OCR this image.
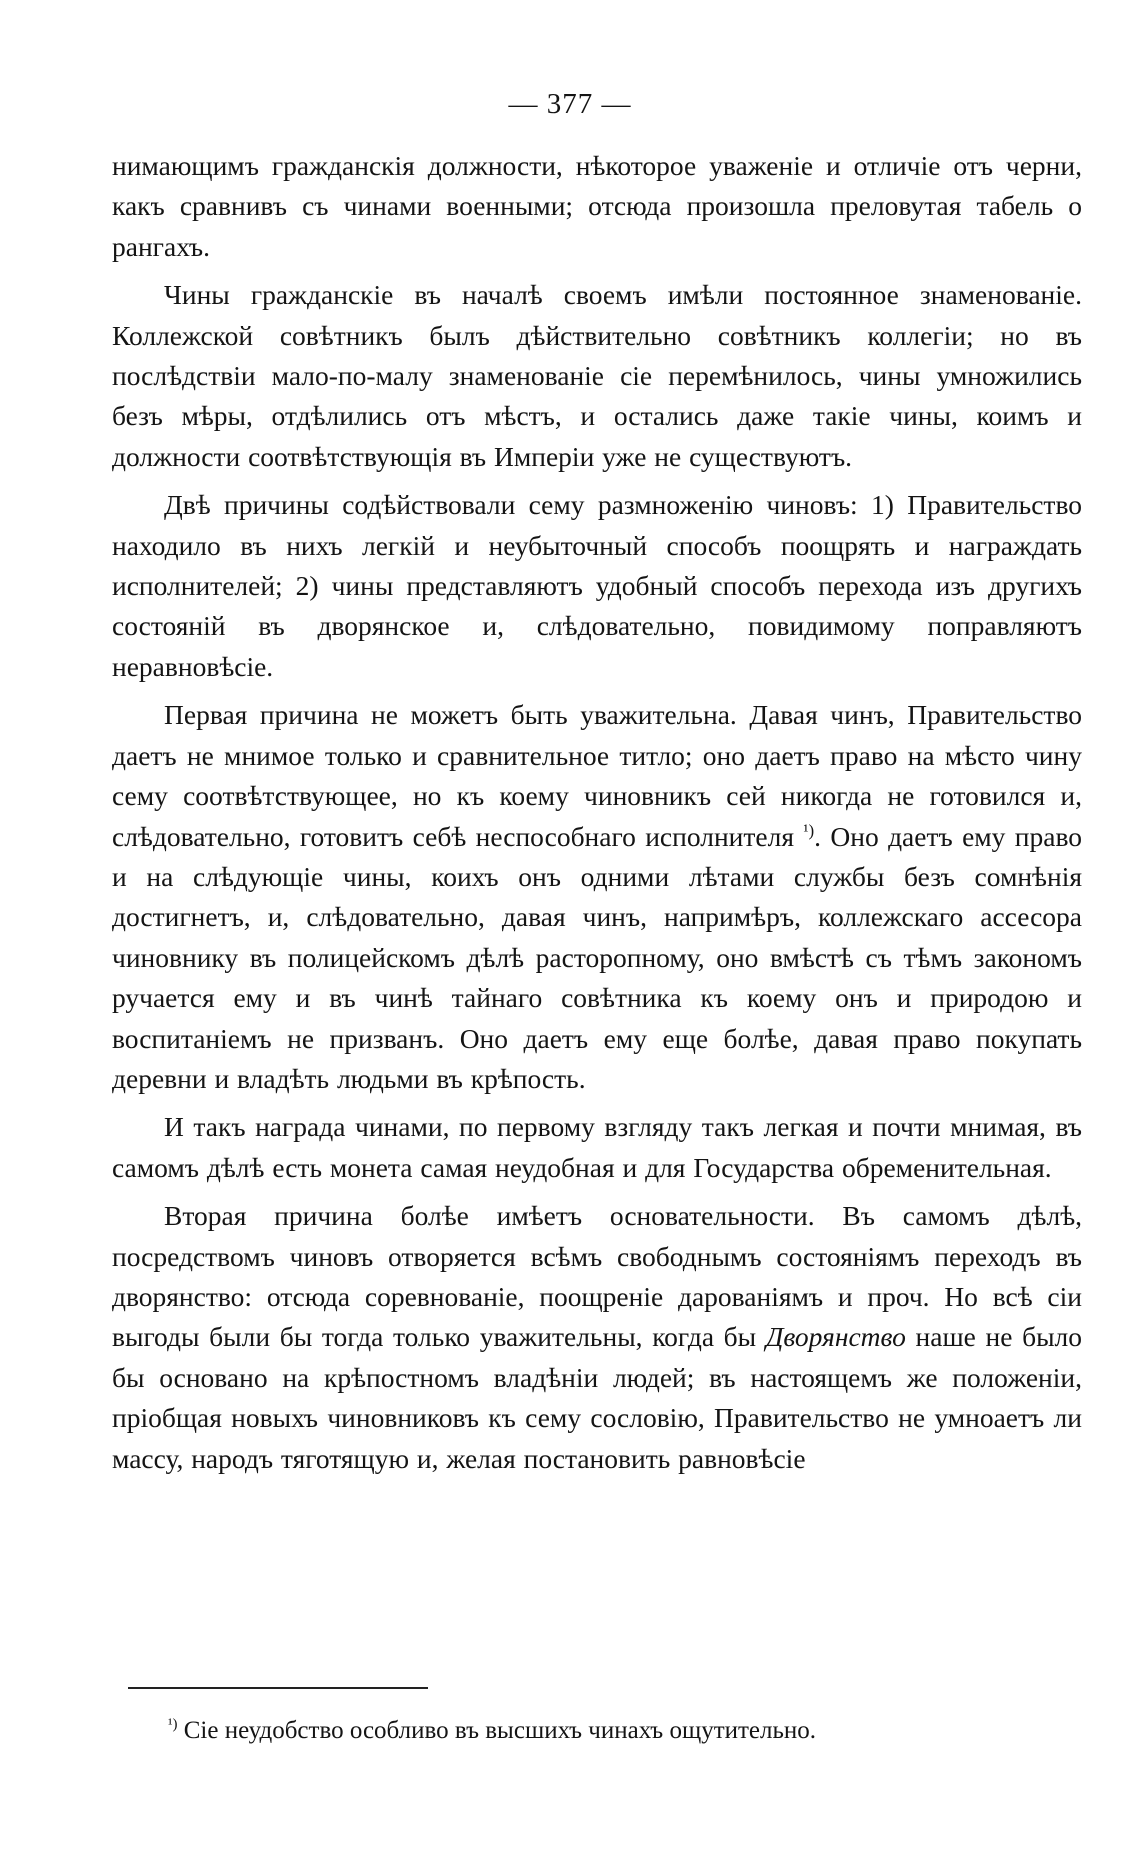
— 377 —

нимающимъ гражданскія должности, нѣкоторое уваженіе и отличіе отъ черни, какъ сравнивъ съ чинами военными; отсюда произошла преловутая табель о рангахъ.

Чины гражданскіе въ началѣ своемъ имѣли постоянное знаменованіе. Коллежской совѣтникъ былъ дѣйствительно совѣтникъ коллегіи; но въ послѣдствіи мало-по-малу знаменованіе сіе перемѣнилось, чины умножились безъ мѣры, отдѣлились отъ мѣстъ, и остались даже такіе чины, коимъ и должности соотвѣтствующія въ Имперіи уже не существуютъ.

Двѣ причины содѣйствовали сему размноженію чиновъ: 1) Правительство находило въ нихъ легкій и неубыточный способъ поощрять и награждать исполнителей; 2) чины представляютъ удобный способъ перехода изъ другихъ состояній въ дворянское и, слѣдовательно, повидимому поправляютъ неравновѣсіе.

Первая причина не можетъ быть уважительна. Давая чинъ, Правительство даетъ не мнимое только и сравнительное титло; оно даетъ право на мѣсто чину сему соотвѣтствующее, но къ коему чиновникъ сей никогда не готовился и, слѣдовательно, готовитъ себѣ неспособнаго исполнителя $^{^1)}$. Оно даетъ ему право и на слѣдующіе чины, коихъ онъ одними лѣтами службы безъ сомнѣнія достигнетъ, и, слѣдовательно, давая чинъ, напримѣръ, коллежскаго ассесора чиновнику въ полицейскомъ дѣлѣ расторопному, оно вмѣстѣ съ тѣмъ закономъ ручается ему и въ чинѣ тайнаго совѣтника къ коему онъ и природою и воспитаніемъ не призванъ. Оно даетъ ему еще болѣе, давая право покупать деревни и владѣть людьми въ крѣпость.

И такъ награда чинами, по первому взгляду такъ легкая и почти мнимая, въ самомъ дѣлѣ есть монета самая неудобная и для Государства обременительная.

Вторая причина болѣе имѣетъ основательности. Въ самомъ дѣлѣ, посредствомъ чиновъ отворяется всѣмъ свободнымъ состояніямъ переходъ въ дворянство: отсюда соревнованіе, поощреніе дарованіямъ и проч. Но всѣ сіи выгоды были бы тогда только уважительны, когда бы Дворянство наше не было бы основано на крѣпостномъ владѣніи людей; въ настоящемъ же положеніи, пріобщая новыхъ чиновниковъ къ сему сословію, Правительство не умноаетъ ли массу, народъ тяготящую и, желая постановить равновѣсіе

$^{^1)}$ Сіе неудобство особливо въ высшихъ чинахъ ощутительно.
